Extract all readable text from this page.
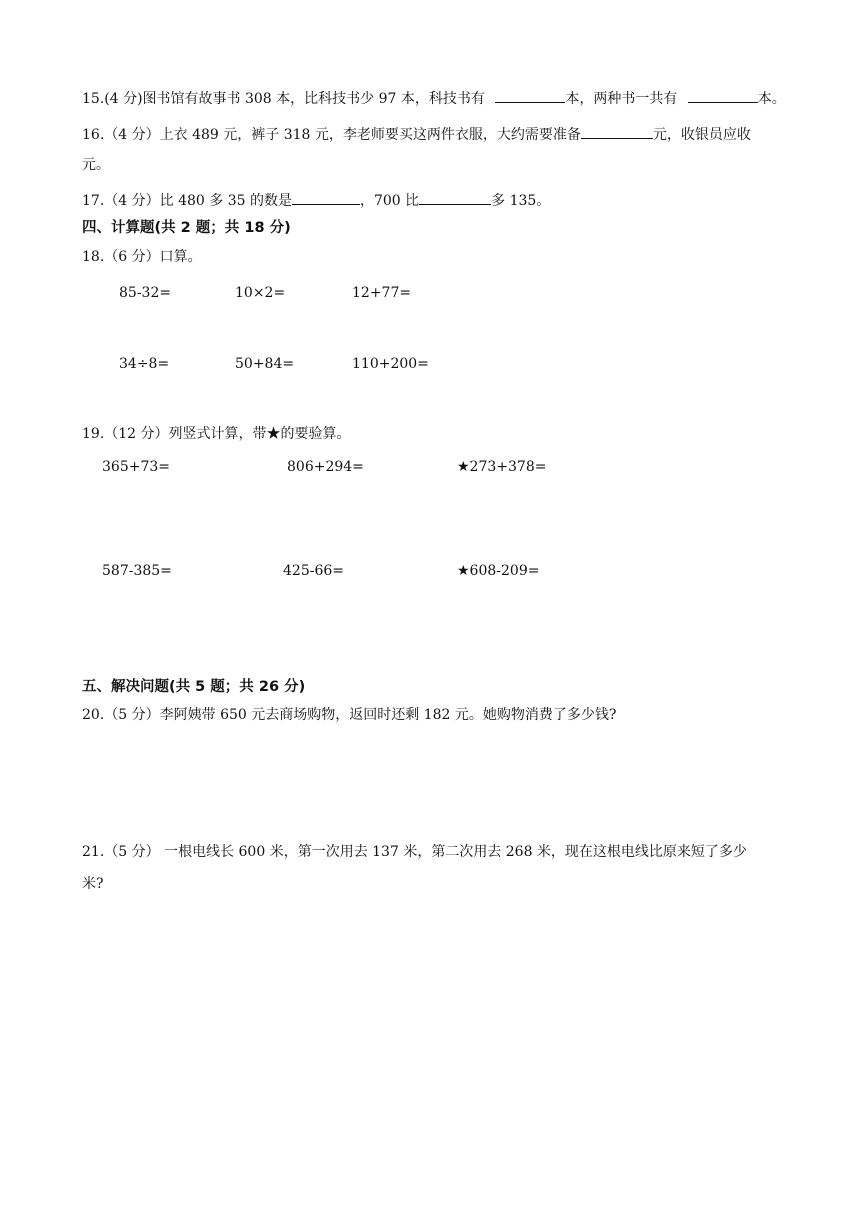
15.(4 分)图书馆有故事书 308 本，比科技书少 97 本，科技书有	本，两种书一共有	本。
16.（4 分）上衣 489 元，裤子 318 元，李老师要买这两件衣服，大约需要准备	元，收银员应收
元。
17.（4 分）比 480 多 35 的数是	，700 比	多 135。
四、计算题(共 2 题；共 18 分)
18.（6 分）口算。
85-32=	10×2=	12+77=
34÷8=	50+84=	110+200=
19.（12 分）列竖式计算，带★的要验算。
365+73=	806+294=	★273+378=
587-385=	425-66=	★608-209=
五、解决问题(共 5 题；共 26 分)
20.（5 分）李阿姨带 650 元去商场购物，返回时还剩 182 元。她购物消费了多少钱?
21.（5 分） 一根电线长 600 米，第一次用去 137 米，第二次用去 268 米，现在这根电线比原来短了多少
米?
